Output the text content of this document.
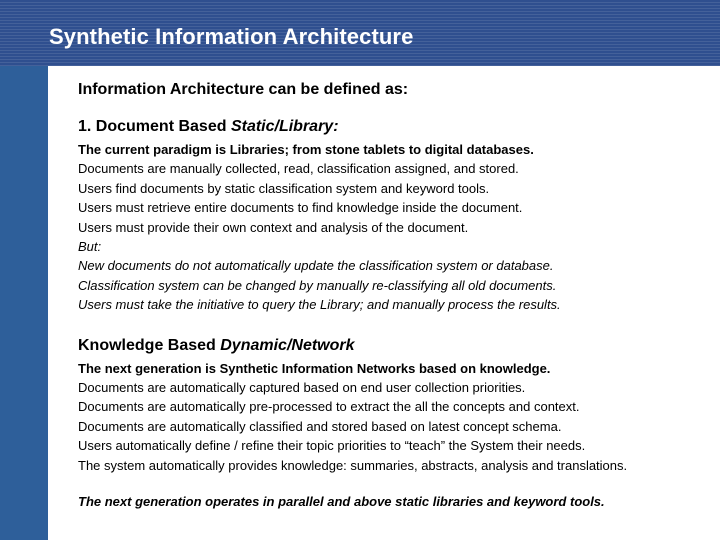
Synthetic Information Architecture

Information Architecture can be defined as:

1. Document Based Static/Library:

The current paradigm is Libraries; from stone tablets to digital databases.

Documents are manually collected, read, classification assigned, and stored.

Users find documents by static classification system and keyword tools.

Users must retrieve entire documents to find knowledge inside the document.

Users must provide their own context and analysis of the document.

But:

New documents do not automatically update the classification system or database.

Classification system can be changed by manually re-classifying all old documents.

Users must take the initiative to query the Library; and manually process the results.

Knowledge Based Dynamic/Network

The next generation is Synthetic Information Networks based on knowledge.

Documents are automatically captured based on end user collection priorities.

Documents are automatically pre-processed to extract the all the concepts and context.

Documents are automatically classified and stored based on latest concept schema.

Users automatically define / refine their topic priorities to “teach” the System their needs.

The system automatically provides knowledge: summaries, abstracts, analysis and translations.

The next generation operates in parallel and above static libraries and keyword tools.
